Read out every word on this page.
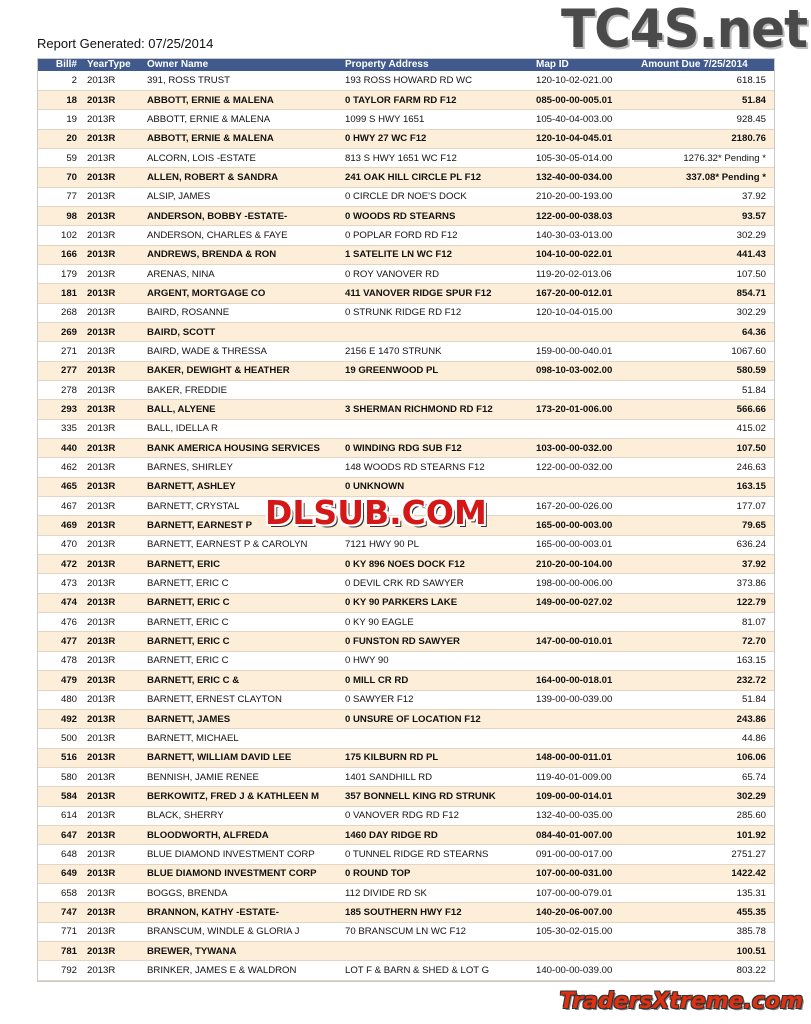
Report Generated: 07/25/2014	TC4S.net
Bill#	YearType	Owner Name	Property Address	Map ID	Amount Due 7/25/2014
2	2013R	391, ROSS TRUST	193 ROSS HOWARD RD WC	120-10-02-021.00	618.15
18	2013R	ABBOTT, ERNIE & MALENA	0 TAYLOR FARM RD F12	085-00-00-005.01	51.84
19	2013R	ABBOTT, ERNIE & MALENA	1099 S HWY 1651	105-40-04-003.00	928.45
20	2013R	ABBOTT, ERNIE & MALENA	0 HWY 27 WC F12	120-10-04-045.01	2180.76
59	2013R	ALCORN, LOIS -ESTATE	813 S HWY 1651 WC F12	105-30-05-014.00	1276.32* Pending *
70	2013R	ALLEN, ROBERT & SANDRA	241 OAK HILL CIRCLE PL F12	132-40-00-034.00	337.08* Pending *
77	2013R	ALSIP, JAMES	0 CIRCLE DR NOE'S DOCK	210-20-00-193.00	37.92
98	2013R	ANDERSON, BOBBY -ESTATE-	0 WOODS RD STEARNS	122-00-00-038.03	93.57
102	2013R	ANDERSON, CHARLES & FAYE	0 POPLAR FORD RD F12	140-30-03-013.00	302.29
166	2013R	ANDREWS, BRENDA & RON	1 SATELITE LN WC F12	104-10-00-022.01	441.43
179	2013R	ARENAS, NINA	0 ROY VANOVER RD	119-20-02-013.06	107.50
181	2013R	ARGENT, MORTGAGE CO	411 VANOVER RIDGE SPUR F12	167-20-00-012.01	854.71
268	2013R	BAIRD, ROSANNE	0 STRUNK RIDGE RD F12	120-10-04-015.00	302.29
269	2013R	BAIRD, SCOTT			64.36
271	2013R	BAIRD, WADE & THRESSA	2156 E 1470 STRUNK	159-00-00-040.01	1067.60
277	2013R	BAKER, DEWIGHT & HEATHER	19 GREENWOOD PL	098-10-03-002.00	580.59
278	2013R	BAKER, FREDDIE			51.84
293	2013R	BALL, ALYENE	3 SHERMAN RICHMOND RD F12	173-20-01-006.00	566.66
335	2013R	BALL, IDELLA R			415.02
440	2013R	BANK AMERICA HOUSING SERVICES	0 WINDING RDG SUB F12	103-00-00-032.00	107.50
462	2013R	BARNES, SHIRLEY	148 WOODS RD STEARNS F12	122-00-00-032.00	246.63
465	2013R	BARNETT, ASHLEY	0 UNKNOWN		163.15
467	2013R	BARNETT, CRYSTAL		167-20-00-026.00	177.07
469	2013R	BARNETT, EARNEST P		165-00-00-003.00	79.65
470	2013R	BARNETT, EARNEST P & CAROLYN	7121 HWY 90 PL	165-00-00-003.01	636.24
472	2013R	BARNETT, ERIC	0 KY 896 NOES DOCK F12	210-20-00-104.00	37.92
473	2013R	BARNETT, ERIC C	0 DEVIL CRK RD SAWYER	198-00-00-006.00	373.86
474	2013R	BARNETT, ERIC C	0 KY 90 PARKERS LAKE	149-00-00-027.02	122.79
476	2013R	BARNETT, ERIC C	0 KY 90 EAGLE		81.07
477	2013R	BARNETT, ERIC C	0 FUNSTON RD SAWYER	147-00-00-010.01	72.70
478	2013R	BARNETT, ERIC C	0 HWY 90		163.15
479	2013R	BARNETT, ERIC C &	0 MILL CR RD	164-00-00-018.01	232.72
480	2013R	BARNETT, ERNEST CLAYTON	0 SAWYER F12	139-00-00-039.00	51.84
492	2013R	BARNETT, JAMES	0 UNSURE OF LOCATION F12		243.86
500	2013R	BARNETT, MICHAEL			44.86
516	2013R	BARNETT, WILLIAM DAVID LEE	175 KILBURN RD PL	148-00-00-011.01	106.06
580	2013R	BENNISH, JAMIE RENEE	1401 SANDHILL RD	119-40-01-009.00	65.74
584	2013R	BERKOWITZ, FRED J & KATHLEEN M	357 BONNELL KING RD STRUNK	109-00-00-014.01	302.29
614	2013R	BLACK, SHERRY	0 VANOVER RDG RD F12	132-40-00-035.00	285.60
647	2013R	BLOODWORTH, ALFREDA	1460 DAY RIDGE RD	084-40-01-007.00	101.92
648	2013R	BLUE DIAMOND INVESTMENT CORP	0 TUNNEL RIDGE RD STEARNS	091-00-00-017.00	2751.27
649	2013R	BLUE DIAMOND INVESTMENT CORP	0 ROUND TOP	107-00-00-031.00	1422.42
658	2013R	BOGGS, BRENDA	112 DIVIDE RD SK	107-00-00-079.01	135.31
747	2013R	BRANNON, KATHY -ESTATE-	185 SOUTHERN HWY F12	140-20-06-007.00	455.35
771	2013R	BRANSCUM, WINDLE & GLORIA J	70 BRANSCUM LN WC F12	105-30-02-015.00	385.78
781	2013R	BREWER, TYWANA			100.51
792	2013R	BRINKER, JAMES E & WALDRON	LOT F & BARN & SHED & LOT G	140-00-00-039.00	803.22
DLSUB.COM
TradersXtreme.com
